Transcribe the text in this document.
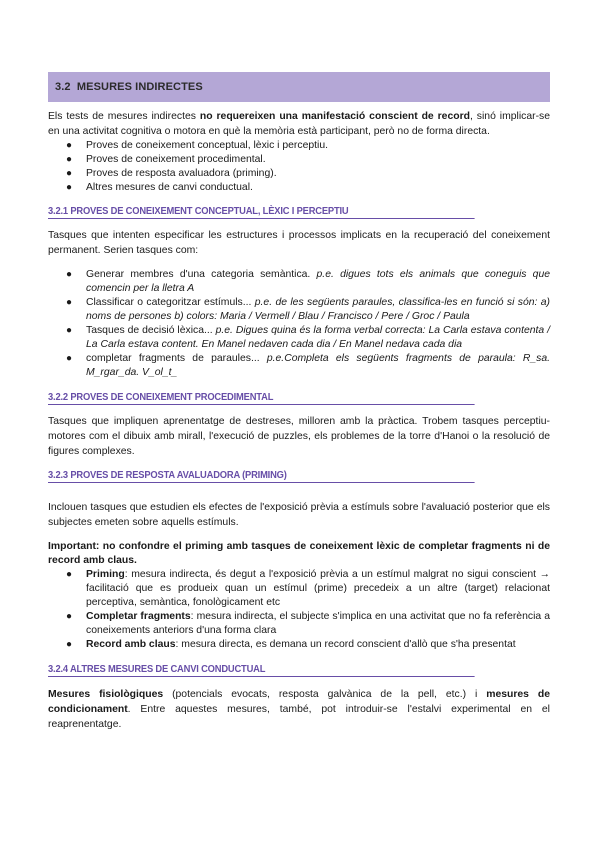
3.2
MESURES INDIRECTES

Els tests de mesures indirectes no requereixen una manifestació conscient de record, sinó implicar-se en una activitat cognitiva o motora en què la memòria està participant, però no de forma directa.

● Proves de coneixement conceptual, lèxic i perceptiu.
● Proves de coneixement procedimental.
● Proves de resposta avaluadora (priming).
● Altres mesures de canvi conductual.
3.2.1 PROVES DE CONEIXEMENT CONCEPTUAL, LÈXIC I PERCEPTIU

Tasques que intenten especificar les estructures i processos implicats en la recuperació del coneixement permanent. Serien tasques com:

● Generar membres d'una categoria semàntica. p.e. digues tots els animals que coneguis que comencin per la lletra A
● Classificar o categoritzar estímuls... p.e. de les següents paraules, classifica-les en funció si són: a) noms de persones b) colors: Maria / Vermell / Blau / Francisco / Pere / Groc / Paula
● Tasques de decisió lèxica... p.e. Digues quina és la forma verbal correcta: La Carla estava contenta / La Carla estava content. En Manel nedaven cada dia / En Manel nedava cada dia
● completar fragments de paraules... p.e.Completa els següents fragments de paraula: R_sa. M_rgar_da. V_ol_t_
3.2.2 PROVES DE CONEIXEMENT PROCEDIMENTAL

Tasques que impliquen aprenentatge de destreses, milloren amb la pràctica. Trobem tasques perceptiu-motores com el dibuix amb mirall, l'execució de puzzles, els problemes de la torre d'Hanoi o la resolució de figures complexes.

3.2.3 PROVES DE RESPOSTA AVALUADORA (PRIMING)

Inclouen tasques que estudien els efectes de l'exposició prèvia a estímuls sobre l'avaluació posterior que els subjectes emeten sobre aquells estímuls.

Important: no confondre el priming amb tasques de coneixement lèxic de completar fragments ni de record amb claus.

● Priming: mesura indirecta, és degut a l'exposició prèvia a un estímul malgrat no sigui conscient → facilitació que es produeix quan un estímul (prime) precedeix a un altre (target) relacionat perceptiva, semàntica, fonològicament etc
● Completar fragments: mesura indirecta, el subjecte s'implica en una activitat que no fa referència a coneixements anteriors d'una forma clara
● Record amb claus: mesura directa, es demana un record conscient d'allò que s'ha presentat
3.2.4 ALTRES MESURES DE CANVI CONDUCTUAL

Mesures fisiològiques (potencials evocats, resposta galvànica de la pell, etc.) i mesures de condicionament. Entre aquestes mesures, també, pot introduir-se l'estalvi experimental en el reaprenentatge.
